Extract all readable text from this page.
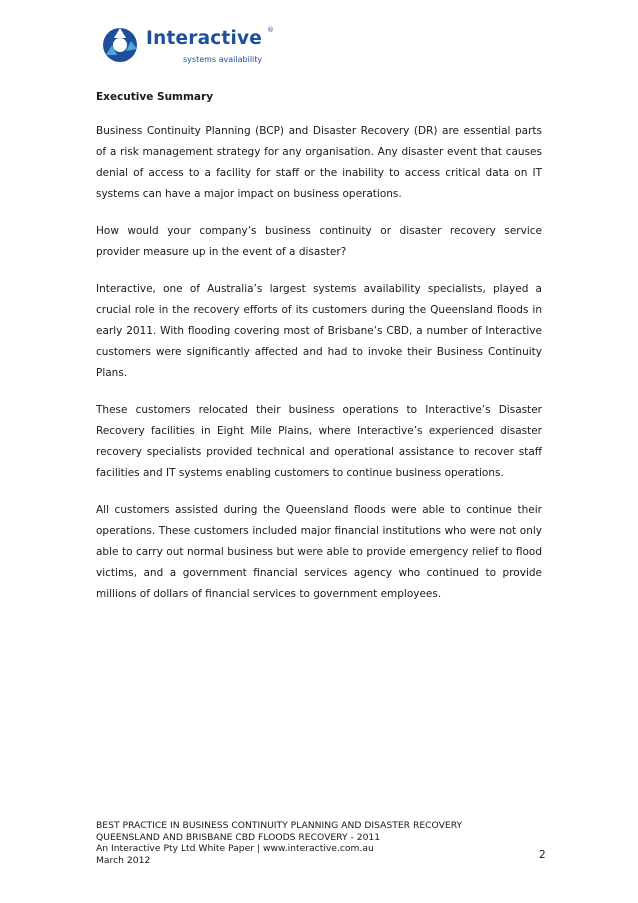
Interactive ®
systems availability
Executive Summary

Business Continuity Planning (BCP) and Disaster Recovery (DR) are essential parts of a risk management strategy for any organisation. Any disaster event that causes denial of access to a facility for staff or the inability to access critical data on IT systems can have a major impact on business operations.

How would your company’s business continuity or disaster recovery service provider measure up in the event of a disaster?

Interactive, one of Australia’s largest systems availability specialists, played a crucial role in the recovery efforts of its customers during the Queensland floods in early 2011. With flooding covering most of Brisbane’s CBD, a number of Interactive customers were significantly affected and had to invoke their Business Continuity Plans.

These customers relocated their business operations to Interactive’s Disaster Recovery facilities in Eight Mile Plains, where Interactive’s experienced disaster recovery specialists provided technical and operational assistance to recover staff facilities and IT systems enabling customers to continue business operations.

All customers assisted during the Queensland floods were able to continue their operations. These customers included major financial institutions who were not only able to carry out normal business but were able to provide emergency relief to flood victims, and a government financial services agency who continued to provide millions of dollars of financial services to government employees.

BEST PRACTICE IN BUSINESS CONTINUITY PLANNING AND DISASTER RECOVERY
QUEENSLAND AND BRISBANE CBD FLOODS RECOVERY - 2011
An Interactive Pty Ltd White Paper | www.interactive.com.au
March 2012	2
